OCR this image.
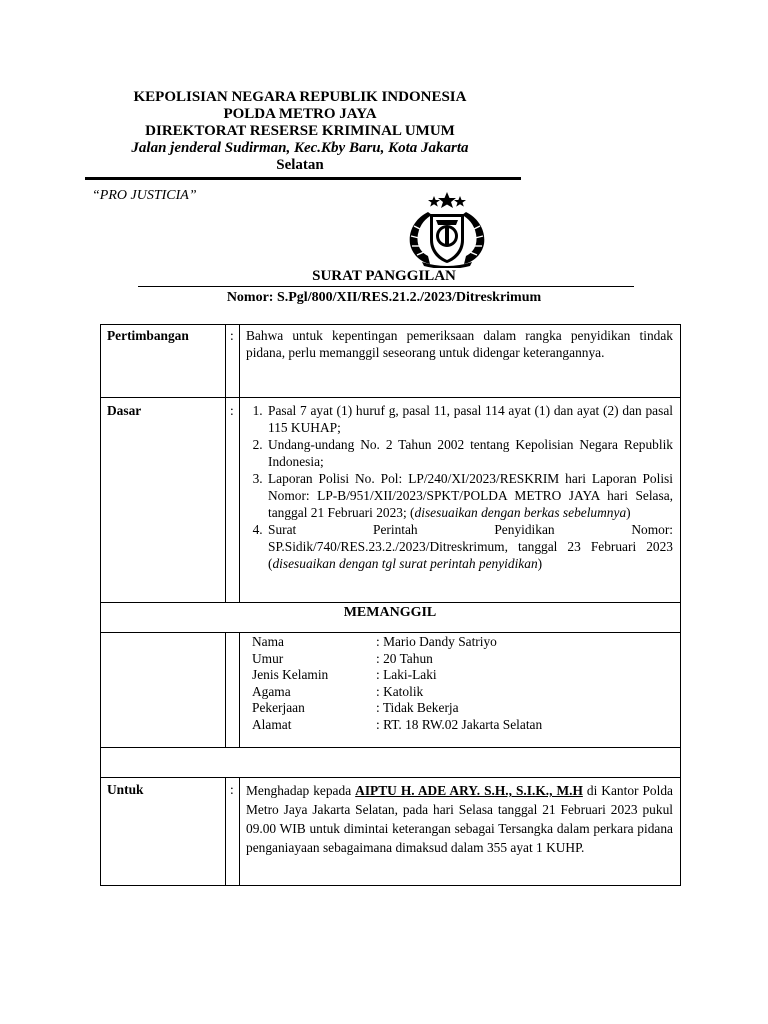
KEPOLISIAN NEGARA REPUBLIK INDONESIA
POLDA METRO JAYA
DIREKTORAT RESERSE KRIMINAL UMUM
Jalan jenderal Sudirman, Kec.Kby Baru, Kota Jakarta
Selatan
“PRO JUSTICIA”
SURAT PANGGILAN
Nomor: S.Pgl/800/XII/RES.21.2./2023/Ditreskrimum
Pertimbangan	:	Bahwa untuk kepentingan pemeriksaan dalam rangka penyidikan tindak pidana, perlu memanggil seseorang untuk didengar keterangannya.
Dasar	:	
1.Pasal 7 ayat (1) huruf g, pasal 11, pasal 114 ayat (1) dan ayat (2) dan pasal 115 KUHAP;
2. Undang-undang No. 2 Tahun 2002 tentang Kepolisian Negara Republik Indonesia;
3. Laporan Polisi No. Pol: LP/240/XI/2023/RESKRIM hari Laporan Polisi Nomor: LP-B/951/XII/2023/SPKT/POLDA METRO JAYA hari Selasa, tanggal 21 Februari 2023; (disesuaikan dengan berkas sebelumnya)
4. Surat Perintah Penyidikan Nomor: SP.Sidik/740/RES.23.2./2023/Ditreskrimum, tanggal 23 Februari 2023 (disesuaikan dengan tgl surat perintah penyidikan)

MEMANGGIL

Nama	: Mario Dandy Satriyo
Umur	: 20 Tahun
Jenis Kelamin	: Laki-Laki
Agama	: Katolik
Pekerjaan	: Tidak Bekerja
Alamat	: RT. 18 RW.02 Jakarta Selatan

Untuk	:	Menghadap kepada AIPTU H. ADE ARY. S.H., S.I.K., M.H di Kantor Polda Metro Jaya Jakarta Selatan, pada hari Selasa tanggal 21 Februari 2023 pukul 09.00 WIB untuk dimintai keterangan sebagai Tersangka dalam perkara pidana penganiayaan sebagaimana dimaksud dalam 355 ayat 1 KUHP.
